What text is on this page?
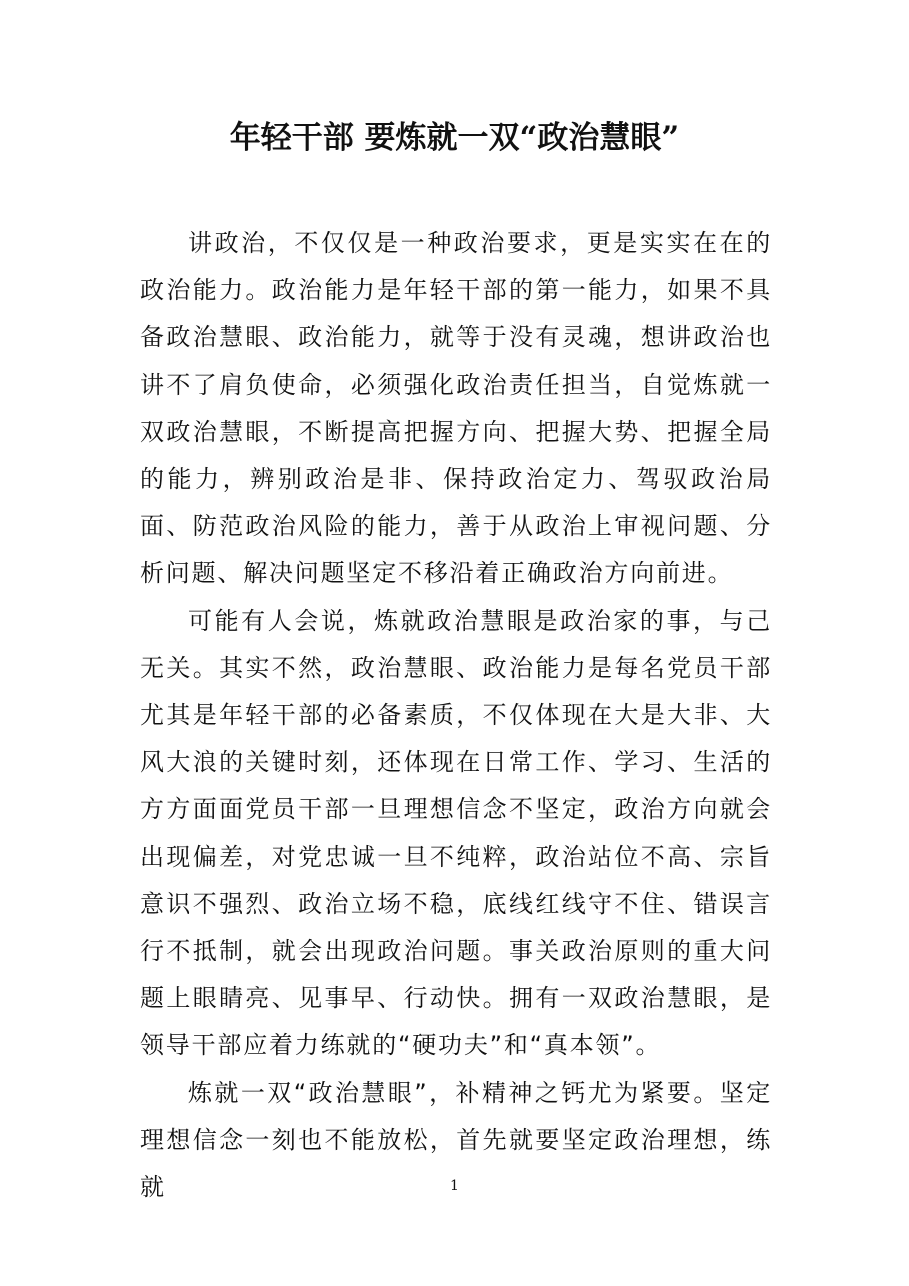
年轻干部 要炼就一双“政治慧眼”

讲政治，不仅仅是一种政治要求，更是实实在在的政治能力。政治能力是年轻干部的第一能力，如果不具备政治慧眼、政治能力，就等于没有灵魂，想讲政治也讲不了肩负使命，必须强化政治责任担当，自觉炼就一双政治慧眼，不断提高把握方向、把握大势、把握全局的能力，辨别政治是非、保持政治定力、驾驭政治局面、防范政治风险的能力，善于从政治上审视问题、分析问题、解决问题坚定不移沿着正确政治方向前进。

可能有人会说，炼就政治慧眼是政治家的事，与己无关。其实不然，政治慧眼、政治能力是每名党员干部尤其是年轻干部的必备素质，不仅体现在大是大非、大风大浪的关键时刻，还体现在日常工作、学习、生活的方方面面党员干部一旦理想信念不坚定，政治方向就会出现偏差，对党忠诚一旦不纯粹，政治站位不高、宗旨意识不强烈、政治立场不稳，底线红线守不住、错误言行不抵制，就会出现政治问题。事关政治原则的重大问题上眼睛亮、见事早、行动快。拥有一双政治慧眼，是领导干部应着力练就的“硬功夫”和“真本领”。

炼就一双“政治慧眼”，补精神之钙尤为紧要。坚定理想信念一刻也不能放松，首先就要坚定政治理想，练就	1
